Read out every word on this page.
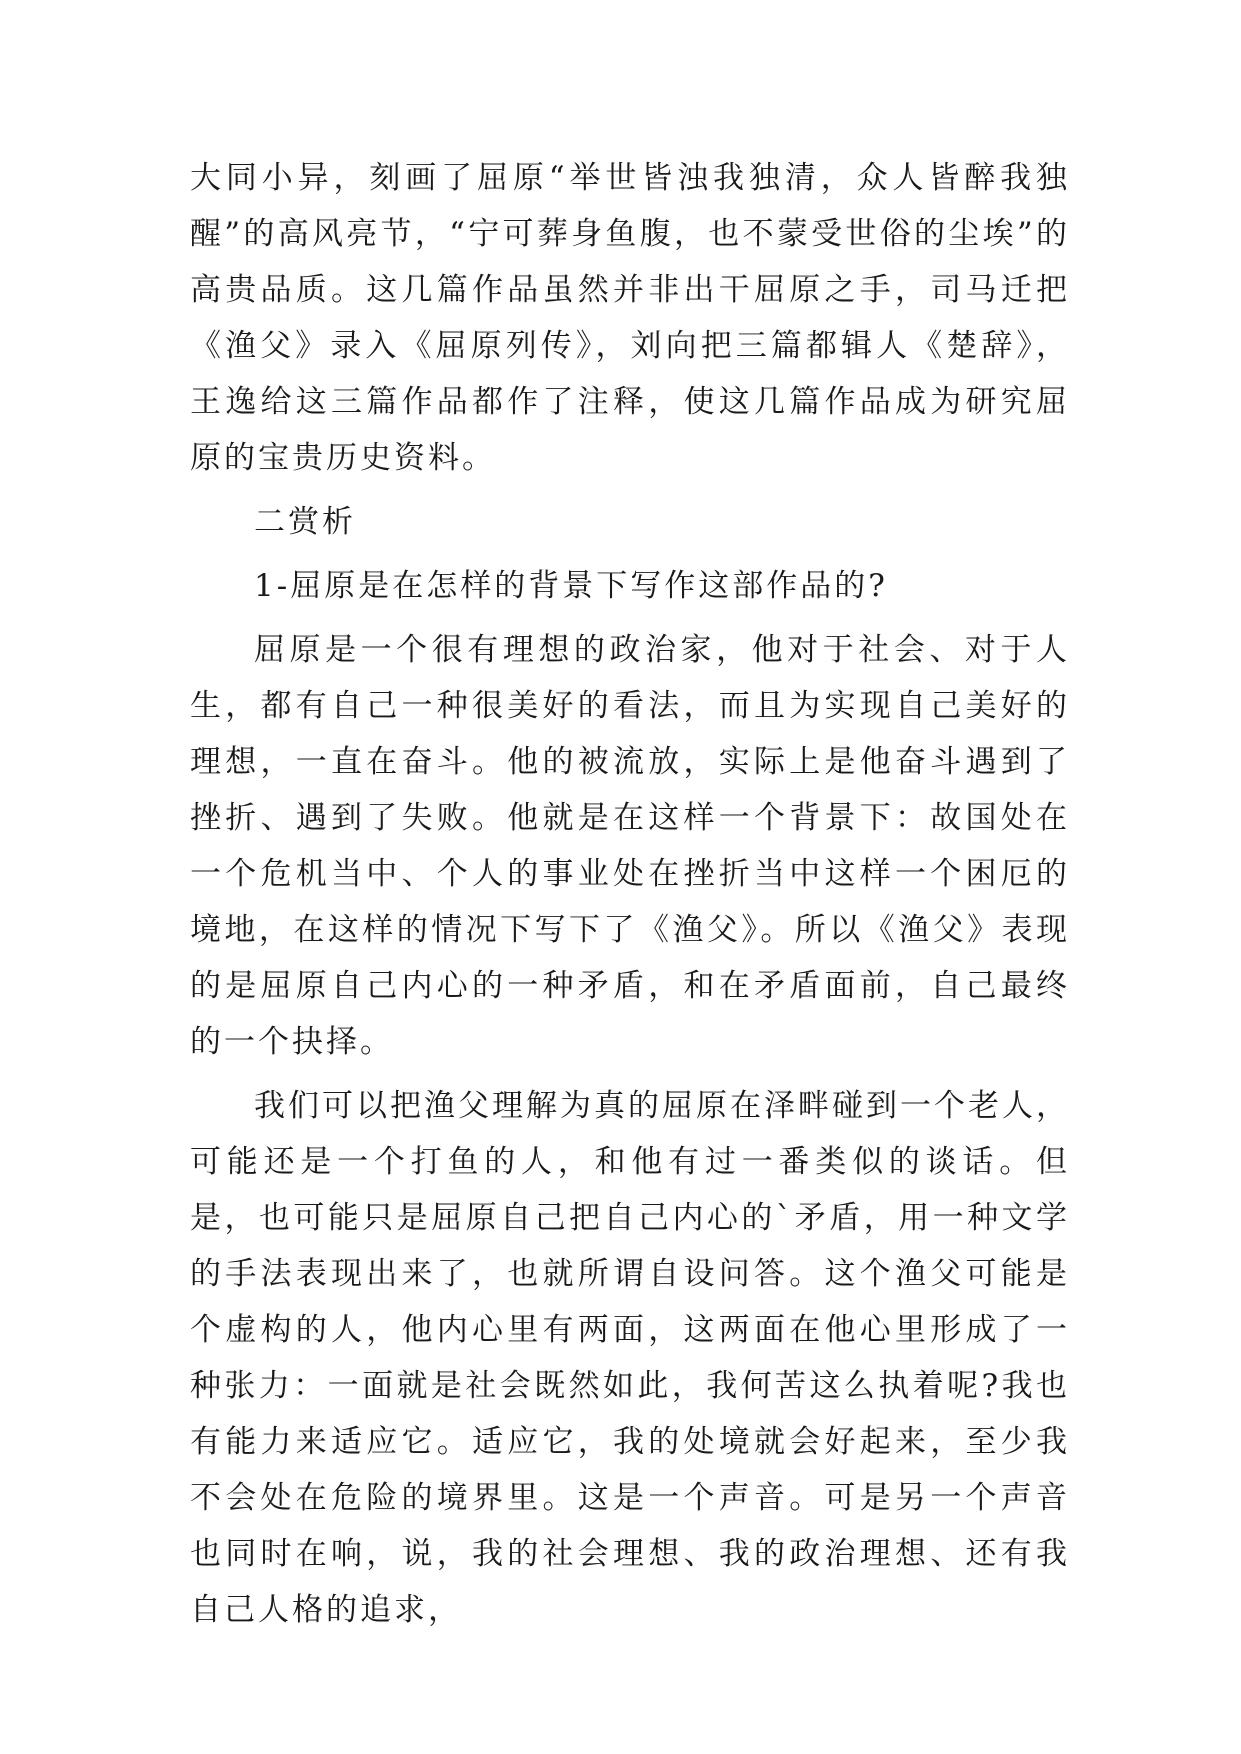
大同小异，刻画了屈原“举世皆浊我独清，众人皆醉我独醒”的高风亮节，“宁可葬身鱼腹，也不蒙受世俗的尘埃”的高贵品质。这几篇作品虽然并非出干屈原之手，司马迁把《渔父》录入《屈原列传》，刘向把三篇都辑人《楚辞》，王逸给这三篇作品都作了注释，使这几篇作品成为研究屈原的宝贵历史资料。

二赏析

1-屈原是在怎样的背景下写作这部作品的?

屈原是一个很有理想的政治家，他对于社会、对于人生，都有自己一种很美好的看法，而且为实现自己美好的理想，一直在奋斗。他的被流放，实际上是他奋斗遇到了挫折、遇到了失败。他就是在这样一个背景下：故国处在一个危机当中、个人的事业处在挫折当中这样一个困厄的境地，在这样的情况下写下了《渔父》。所以《渔父》表现的是屈原自己内心的一种矛盾，和在矛盾面前，自己最终的一个抉择。

我们可以把渔父理解为真的屈原在泽畔碰到一个老人，可能还是一个打鱼的人，和他有过一番类似的谈话。但是，也可能只是屈原自己把自己内心的`矛盾，用一种文学的手法表现出来了，也就所谓自设问答。这个渔父可能是个虚构的人，他内心里有两面，这两面在他心里形成了一种张力：一面就是社会既然如此，我何苦这么执着呢?我也有能力来适应它。适应它，我的处境就会好起来，至少我不会处在危险的境界里。这是一个声音。可是另一个声音也同时在响，说，我的社会理想、我的政治理想、还有我自己人格的追求，
